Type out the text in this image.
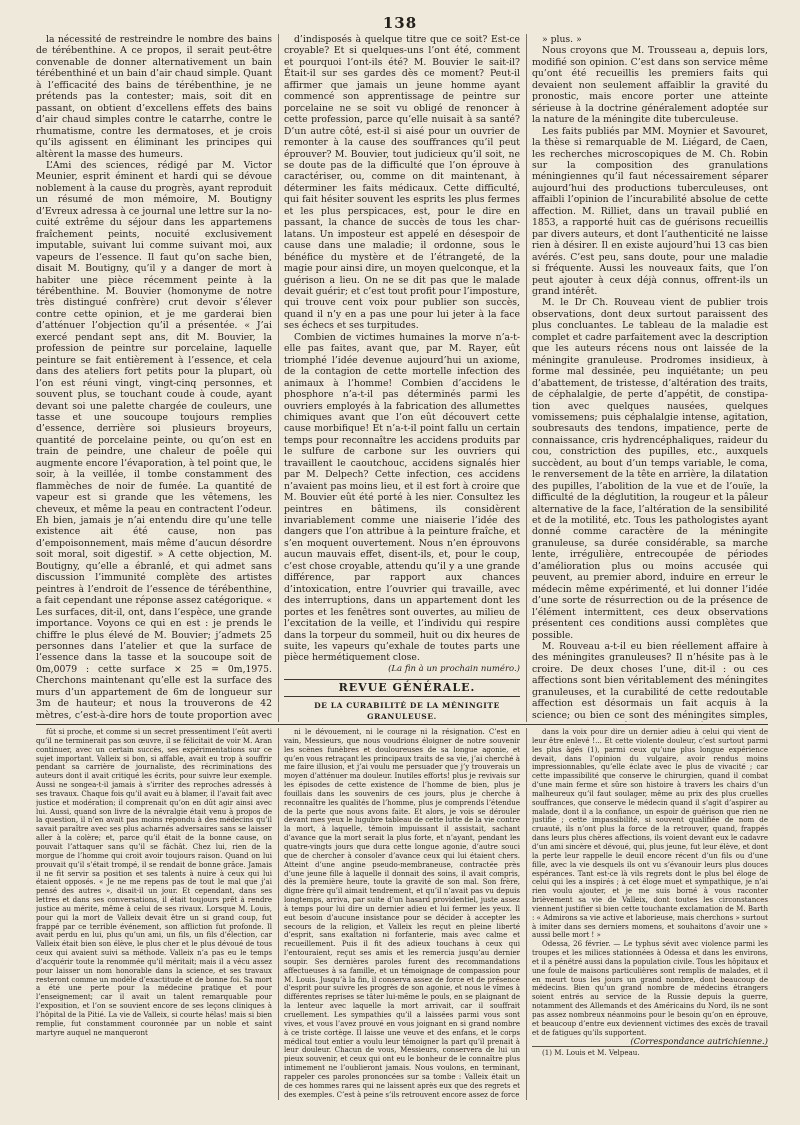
138

la nécessité de restreindre le nombre des bains de térébenthine. A ce propos, il serait peut-être convenable de donner alternativement un bain térébenthiné et un bain d’air chaud simple. Quant à l’efficacité des bains de térébenthine, je ne prétends pas la contester; mais, soit dit en passant, on obtient d’excellens effets des bains d’air chaud simples contre le catarrhe, contre le rhumatisme, contre les dermatoses, et je crois qu’ils agissent en éliminant les principes qui altèrent la masse des humeurs.

L’Ami des sciences, rédigé par M. Victor Meunier, esprit éminent et hardi qui se dévoue noblement à la cause du progrès, ayant reproduit un résumé de mon mémoire, M. Boutigny d’Evreux adressa à ce journal une lettre sur la nocuité extrême du séjour dans les appartemens fraîchement peints, nocuité exclusivement imputable, suivant lui comme suivant moi, aux vapeurs de l’essence. Il faut qu’on sache bien, disait M. Boutigny, qu’il y a danger de mort à habiter une pièce récemment peinte à la térébenthine. M. Bouvier (homonyme de notre très distingué confrère) crut devoir s’élever contre cette opinion, et je me garderai bien d’atténuer l’objection qu’il a présentée. « J’ai exercé pendant sept ans, dit M. Bouvier, la profession de peintre sur porcelaine, laquelle peinture se fait entièrement à l’essence, et cela dans des ateliers fort petits pour la plupart, où l’on est réuni vingt, vingt-cinq personnes, et souvent plus, se touchant coude à coude, ayant devant soi une palette chargée de couleurs, une tasse et une soucoupe toujours remplies d’essence, derrière soi plusieurs broyeurs, quantité de porcelaine peinte, ou qu’on est en train de peindre, une chaleur de poêle qui augmente encore l’évaporation, à tel point que, le soir, à la veillée, il tombe constamment des flammèches de noir de fumée. La quantité de vapeur est si grande que les vêtemens, les cheveux, et même la peau en contractent l’odeur. Eh bien, jamais je n’ai entendu dire qu’une telle existence ait été cause, non pas d’empoisonnement, mais même d’aucun désordre soit moral, soit digestif. » A cette objection, M. Boutigny, qu’elle a ébranlé, et qui admet sans discussion l’immunité complète des artistes peintres à l’endroit de l’essence de térébenthine, a fait cependant une réponse assez catégorique. « Les surfaces, dit-il, ont, dans l’espèce, une grande importance. Voyons ce qui en est : je prends le chiffre le plus élevé de M. Bouvier; j’admets 25 personnes dans l’atelier et que la surface de l’essence dans la tasse et la soucoupe soit de 0m,0079 : cette surface × 25 = 0m,1975. Cherchons maintenant qu’elle est la surface des murs d’un appartement de 6m de longueur sur 3m de hauteur; et nous la trouverons de 42 mètres, c’est-à-dire hors de toute proportion avec

d’indisposés à quelque titre que ce soit? Est-ce croyable? Et si quelques-uns l’ont été, comment et pourquoi l’ont-ils été? M. Bouvier le sait-il? Était-il sur ses gardes dès ce moment? Peut-il affirmer que jamais un jeune homme ayant commencé son apprentissage de peintre sur porcelaine ne se soit vu obligé de renoncer à cette profession, parce qu’elle nuisait à sa santé? D’un autre côté, est-il si aisé pour un ouvrier de remonter à la cause des souffrances qu’il peut éprouver? M. Bouvier, tout judicieux qu’il soit, ne se doute pas de la difficulté que l’on éprouve à caractériser, ou, comme on dit maintenant, à déterminer les faits médicaux. Cette difficulté, qui fait hésiter souvent les esprits les plus fermes et les plus perspicaces, est, pour le dire en passant, la chance de succès de tous les charlatans. Un imposteur est appelé en désespoir de cause dans une maladie; il ordonne, sous le bénéfice du mystère et de l’étrangeté, de la magie pour ainsi dire, un moyen quelconque, et la guérison a lieu. On ne se dit pas que le malade devait guérir; et c’est tout profit pour l’imposture, qui trouve cent voix pour publier son succès, quand il n’y en a pas une pour lui jeter à la face ses échecs et ses turpitudes.

Combien de victimes humaines la morve n’a-t-elle pas faites, avant que, par M. Rayer, eût triomphé l’idée devenue aujourd’hui un axiome, de la contagion de cette mortelle infection des animaux à l’homme! Combien d’accidens le phosphore n’a-t-il pas déterminés parmi les ouvriers employés à la fabrication des allumettes chimiques avant que l’on eût découvert cette cause morbifique! Et n’a-t-il point fallu un certain temps pour reconnaître les accidens produits par le sulfure de carbone sur les ouvriers qui travaillent le caoutchouc, accidens signalés hier par M. Delpech? Cette infection, ces accidens n’avaient pas moins lieu, et il est fort à croire que M. Bouvier eût été porté à les nier. Consultez les peintres en bâtimens, ils considèrent invariablement comme une niaiserie l’idée des dangers que l’on attribue à la peinture fraîche, et s’en moquent ouvertement. Nous n’en éprouvons aucun mauvais effet, disent-ils, et, pour le coup, c’est chose croyable, attendu qu’il y a une grande différence, par rapport aux chances d’intoxication, entre l’ouvrier qui travaille, avec des interruptions, dans un appartement dont les portes et les fenêtres sont ouvertes, au milieu de l’excitation de la veille, et l’individu qui respire dans la torpeur du sommeil, huit ou dix heures de suite, les vapeurs qu’exhale de toutes parts une pièce hermétiquement close.

(La fin à un prochain numéro.)

REVUE GÉNÉRALE.

DE LA CURABILITÉ DE LA MÉNINGITE GRANULEUSE.

» plus. »

Nous croyons que M. Trousseau a, depuis lors, modifié son opinion. C’est dans son service même qu’ont été recueillis les premiers faits qui devaient non seulement affaiblir la gravité du pronostic, mais encore porter une atteinte sérieuse à la doctrine généralement adoptée sur la nature de la méningite dite tuberculeuse.

Les faits publiés par MM. Moynier et Savouret, la thèse si remarquable de M. Liégard, de Caen, les recherches microscopiques de M. Ch. Robin sur la composition des granulations méningiennes qu’il faut nécessairement séparer aujourd’hui des productions tuberculeuses, ont affaibli l’opinion de l’incurabilité absolue de cette affection. M. Rilliet, dans un travail publié en 1853, a rapporté huit cas de guérisons recueillis par divers auteurs, et dont l’authenticité ne laisse rien à désirer. Il en existe aujourd’hui 13 cas bien avérés. C’est peu, sans doute, pour une maladie si fréquente. Aussi les nouveaux faits, que l’on peut ajouter à ceux déjà connus, offrent-ils un grand intérêt.

M. le Dr Ch. Rouveau vient de publier trois observations, dont deux surtout paraissent des plus concluantes. Le tableau de la maladie est complet et cadre parfaitement avec la description que les auteurs récens nous ont laissée de la méningite granuleuse. Prodromes insidieux, à forme mal dessinée, peu inquiétante; un peu d’abattement, de tristesse, d’altération des traits, de céphalalgie, de perte d’appétit, de constipation avec quelques nausées, quelques vomissemens; puis céphalalgie intense, agitation, soubresauts des tendons, impatience, perte de connaissance, cris hydrencéphaliques, raideur du cou, constriction des pupilles, etc., auxquels succèdent, au bout d’un temps variable, le coma, le renversement de la tête en arrière, la dilatation des pupilles, l’abolition de la vue et de l’ouïe, la difficulté de la déglutition, la rougeur et la pâleur alternative de la face, l’altération de la sensibilité et de la motilité, etc. Tous les pathologistes ayant donné comme caractère de la méningite granuleuse, sa durée considérable, sa marche lente, irrégulière, entrecoupée de périodes d’amélioration plus ou moins accusée qui peuvent, au premier abord, induire en erreur le médecin même expérimenté, et lui donner l’idée d’une sorte de résurrection ou de la présence de l’élément intermittent, ces deux observations présentent ces conditions aussi complètes que possible.

M. Rouveau a-t-il eu bien réellement affaire à des méningites granuleuses? Il n’hésite pas à le croire. De deux choses l’une, dit-il : ou ces affections sont bien véritablement des méningites granuleuses, et la curabilité de cette redoutable affection est désormais un fait acquis à la science; ou bien ce sont des méningites simples,

fût si proche, et comme si un secret pressentiment l’eût averti qu’il ne terminerait pas son œuvre, il se félicitait de voir M. Aran continuer, avec un certain succès, ses expérimentations sur ce sujet important. Valleix si bon, si affable, avait eu trop à souffrir pendant sa carrière de journaliste, des récriminations des auteurs dont il avait critiqué les écrits, pour suivre leur exemple. Aussi ne songea-t-il jamais à s’irriter des reproches adressés à ses travaux. Chaque fois qu’il avait eu à blamer, il l’avait fait avec justice et modération; il comprenait qu’on en dût agir ainsi avec lui. Aussi, quand son livre de la névralgie était venu à propos de la question, il n’en avait pas moins répondu à des médecins qu’il savait paraître avec ses plus acharnés adversaires sans se laisser aller à la colère; et, parce qu’il était de la bonne cause, on pouvait l’attaquer sans qu’il se fâchât. Chez lui, rien de la morgue de l’homme qui croit avoir toujours raison. Quand on lui prouvait qu’il s’était trompé, il se rendait de bonne grâce. Jamais il ne fit servir sa position et ses talents à nuire à ceux qui lui étaient opposés. « Je ne me repens pas de tout le mal que j’ai pensé des autres », disait-il un jour. Et cependant, dans ses lettres et dans ses conversations, il était toujours prêt à rendre justice au mérite, même à celui de ses rivaux. Lorsque M. Louis, pour qui la mort de Valleix devait être un si grand coup, fut frappé par ce terrible événement, son affliction fut profonde. Il avait perdu en lui, plus qu’un ami, un fils, un fils d’élection, car Valleix était bien son élève, le plus cher et le plus dévoué de tous ceux qui avaient suivi sa méthode. Valleix n’a pas eu le temps d’acquérir toute la renommée qu’il méritait; mais il a vécu assez pour laisser un nom honorable dans la science, et ses travaux resteront comme un modèle d’exactitude et de bonne foi. Sa mort a été une perte pour la médecine pratique et pour l’enseignement; car il avait un talent remarquable pour l’exposition, et l’on se souvient encore de ses leçons cliniques à l’hôpital de la Pitié. La vie de Valleix, si courte hélas! mais si bien remplie, fut constamment couronnée par un noble et saint martyre auquel ne manqueront

ni le dévouement, ni le courage ni la résignation. C’est en vain, Messieurs, que nous voudrions éloigner de notre souvenir les scènes funèbres et douloureuses de sa longue agonie, et qu’en vous retraçant les principaux traits de sa vie, j’ai cherché à me faire illusion, et j’ai voulu me persuader que j’y trouverais un moyen d’atténuer ma douleur. Inutiles efforts! plus je revivais sur les épisodes de cette existence de l’homme de bien, plus je fouillais dans les souvenirs de ces jours, plus je cherche à reconnaître les qualités de l’homme, plus je comprends l’étendue de la perte que nous avons faite. Et alors, je vois se dérouler devant mes yeux le lugubre tableau de cette lutte de la vie contre la mort, à laquelle, témoin impuissant il assistait, sachant d’avance que la mort serait la plus forte, et n’ayant, pendant les quatre-vingts jours que dura cette longue agonie, d’autre souci que de chercher à consoler d’avance ceux qui lui étaient chers. Atteint d’une angine pseudo-membraneuse, contractée près d’une jeune fille à laquelle il donnait des soins, il avait compris, dès la première heure, toute la gravité de son mal. Son frère, digne frère qu’il aimait tendrement, et qu’il n’avait pas vu depuis longtemps, arriva, par suite d’un hasard providentiel, juste assez à temps pour lui dire un dernier adieu et lui fermer les yeux. Il eut besoin d’aucune insistance pour se décider à accepter les secours de la religion, et Valleix les reçut en pleine liberté d’esprit, sans exaltation ni forfanterie, mais avec calme et recueillement. Puis il fit des adieux touchans à ceux qui l’entouraient, reçut ses amis et les remercia jusqu’au dernier soupir. Ses dernières paroles furent des recommandations affectueuses à sa famille, et un témoignage de compassion pour M. Louis. Jusqu’à la fin, il conserva assez de force et de présence d’esprit pour suivre les progrès de son agonie, et nous le vîmes à différentes reprises se tâter lui-même le pouls, en se plaignant de la lenteur avec laquelle la mort arrivait, car il souffrait cruellement. Les sympathies qu’il a laissées parmi vous sont vives, et vous l’avez prouvé en vous joignant en si grand nombre à ce triste cortège. Il laisse une veuve et des enfans, et le corps médical tout entier a voulu leur témoigner la part qu’il prenait à leur douleur. Chacun de vous, Messieurs, conservera de lui un pieux souvenir, et ceux qui ont eu le bonheur de le connaître plus intimement ne l’oublieront jamais. Nous voulons, en terminant, rappeler ces paroles prononcées sur sa tombe : Valleix était un de ces hommes rares qui ne laissent après eux que des regrets et des exemples. C’est à peine s’ils retrouvent encore assez de force

dans la voix pour dire un dernier adieu à celui qui vient de leur être enlevé !... Et cette violente douleur, c’est surtout parmi les plus âgés (1), parmi ceux qu’une plus longue expérience devait, dans l’opinion du vulgaire, avoir rendus moins impressionnables, qu’elle éclate avec le plus de vivacité ; car cette impassibilité que conserve le chirurgien, quand il combat d’une main ferme et sûre son histoire à travers les chairs d’un malheureux qu’il faut soulager, même au prix des plus cruelles souffrances, que conserve le médecin quand il s’agit d’aspirer au malade, dont il a la confiance, un espoir de guérison que rien ne justifie ; cette impassibilité, si souvent qualifiée de nom de cruauté, ils n’ont plus la force de la retrouver, quand, frappés dans leurs plus chères affections, ils voient devant eux le cadavre d’un ami sincère et dévoué, qui, plus jeune, fut leur élève, et dont la perte leur rappelle le deuil encore récent d’un fils ou d’une fille, avec la vie desquels ils ont vu s’évanouir leurs plus douces espérances. Tant est-ce là vils regrets dont le plus bel éloge de celui qui les a inspirés ; à cet éloge muet et sympathique, je n’ai rien voulu ajouter, et je me suis borné à vous raconter brièvement sa vie de Valleix, dont toutes les circonstances viennent justifier si bien cette touchante exclamation de M. Barth : « Admirons sa vie active et laborieuse, mais cherchons » surtout à imiter dans ses derniers momens, et souhaitons d’avoir une » aussi belle mort ! »

Odessa, 26 février. — Le typhus sévit avec violence parmi les troupes et les milices stationnées à Odessa et dans les environs, et il a pénétré aussi dans la population civile. Tous les hôpitaux et une foule de maisons particulières sont remplis de malades, et il en meurt tous les jours un grand nombre, dont beaucoup de médecins. Bien qu’un grand nombre de médecins étrangers soient entrés au service de la Russie depuis la guerre, notamment des Allemands et des Américains du Nord, ils ne sont pas assez nombreux néanmoins pour le besoin qu’on en éprouve, et beaucoup d’entre eux deviennent victimes des excès de travail et de fatigues qu’ils supportent.

(Correspondance autrichienne.)

(1) M. Louis et M. Velpeau.
